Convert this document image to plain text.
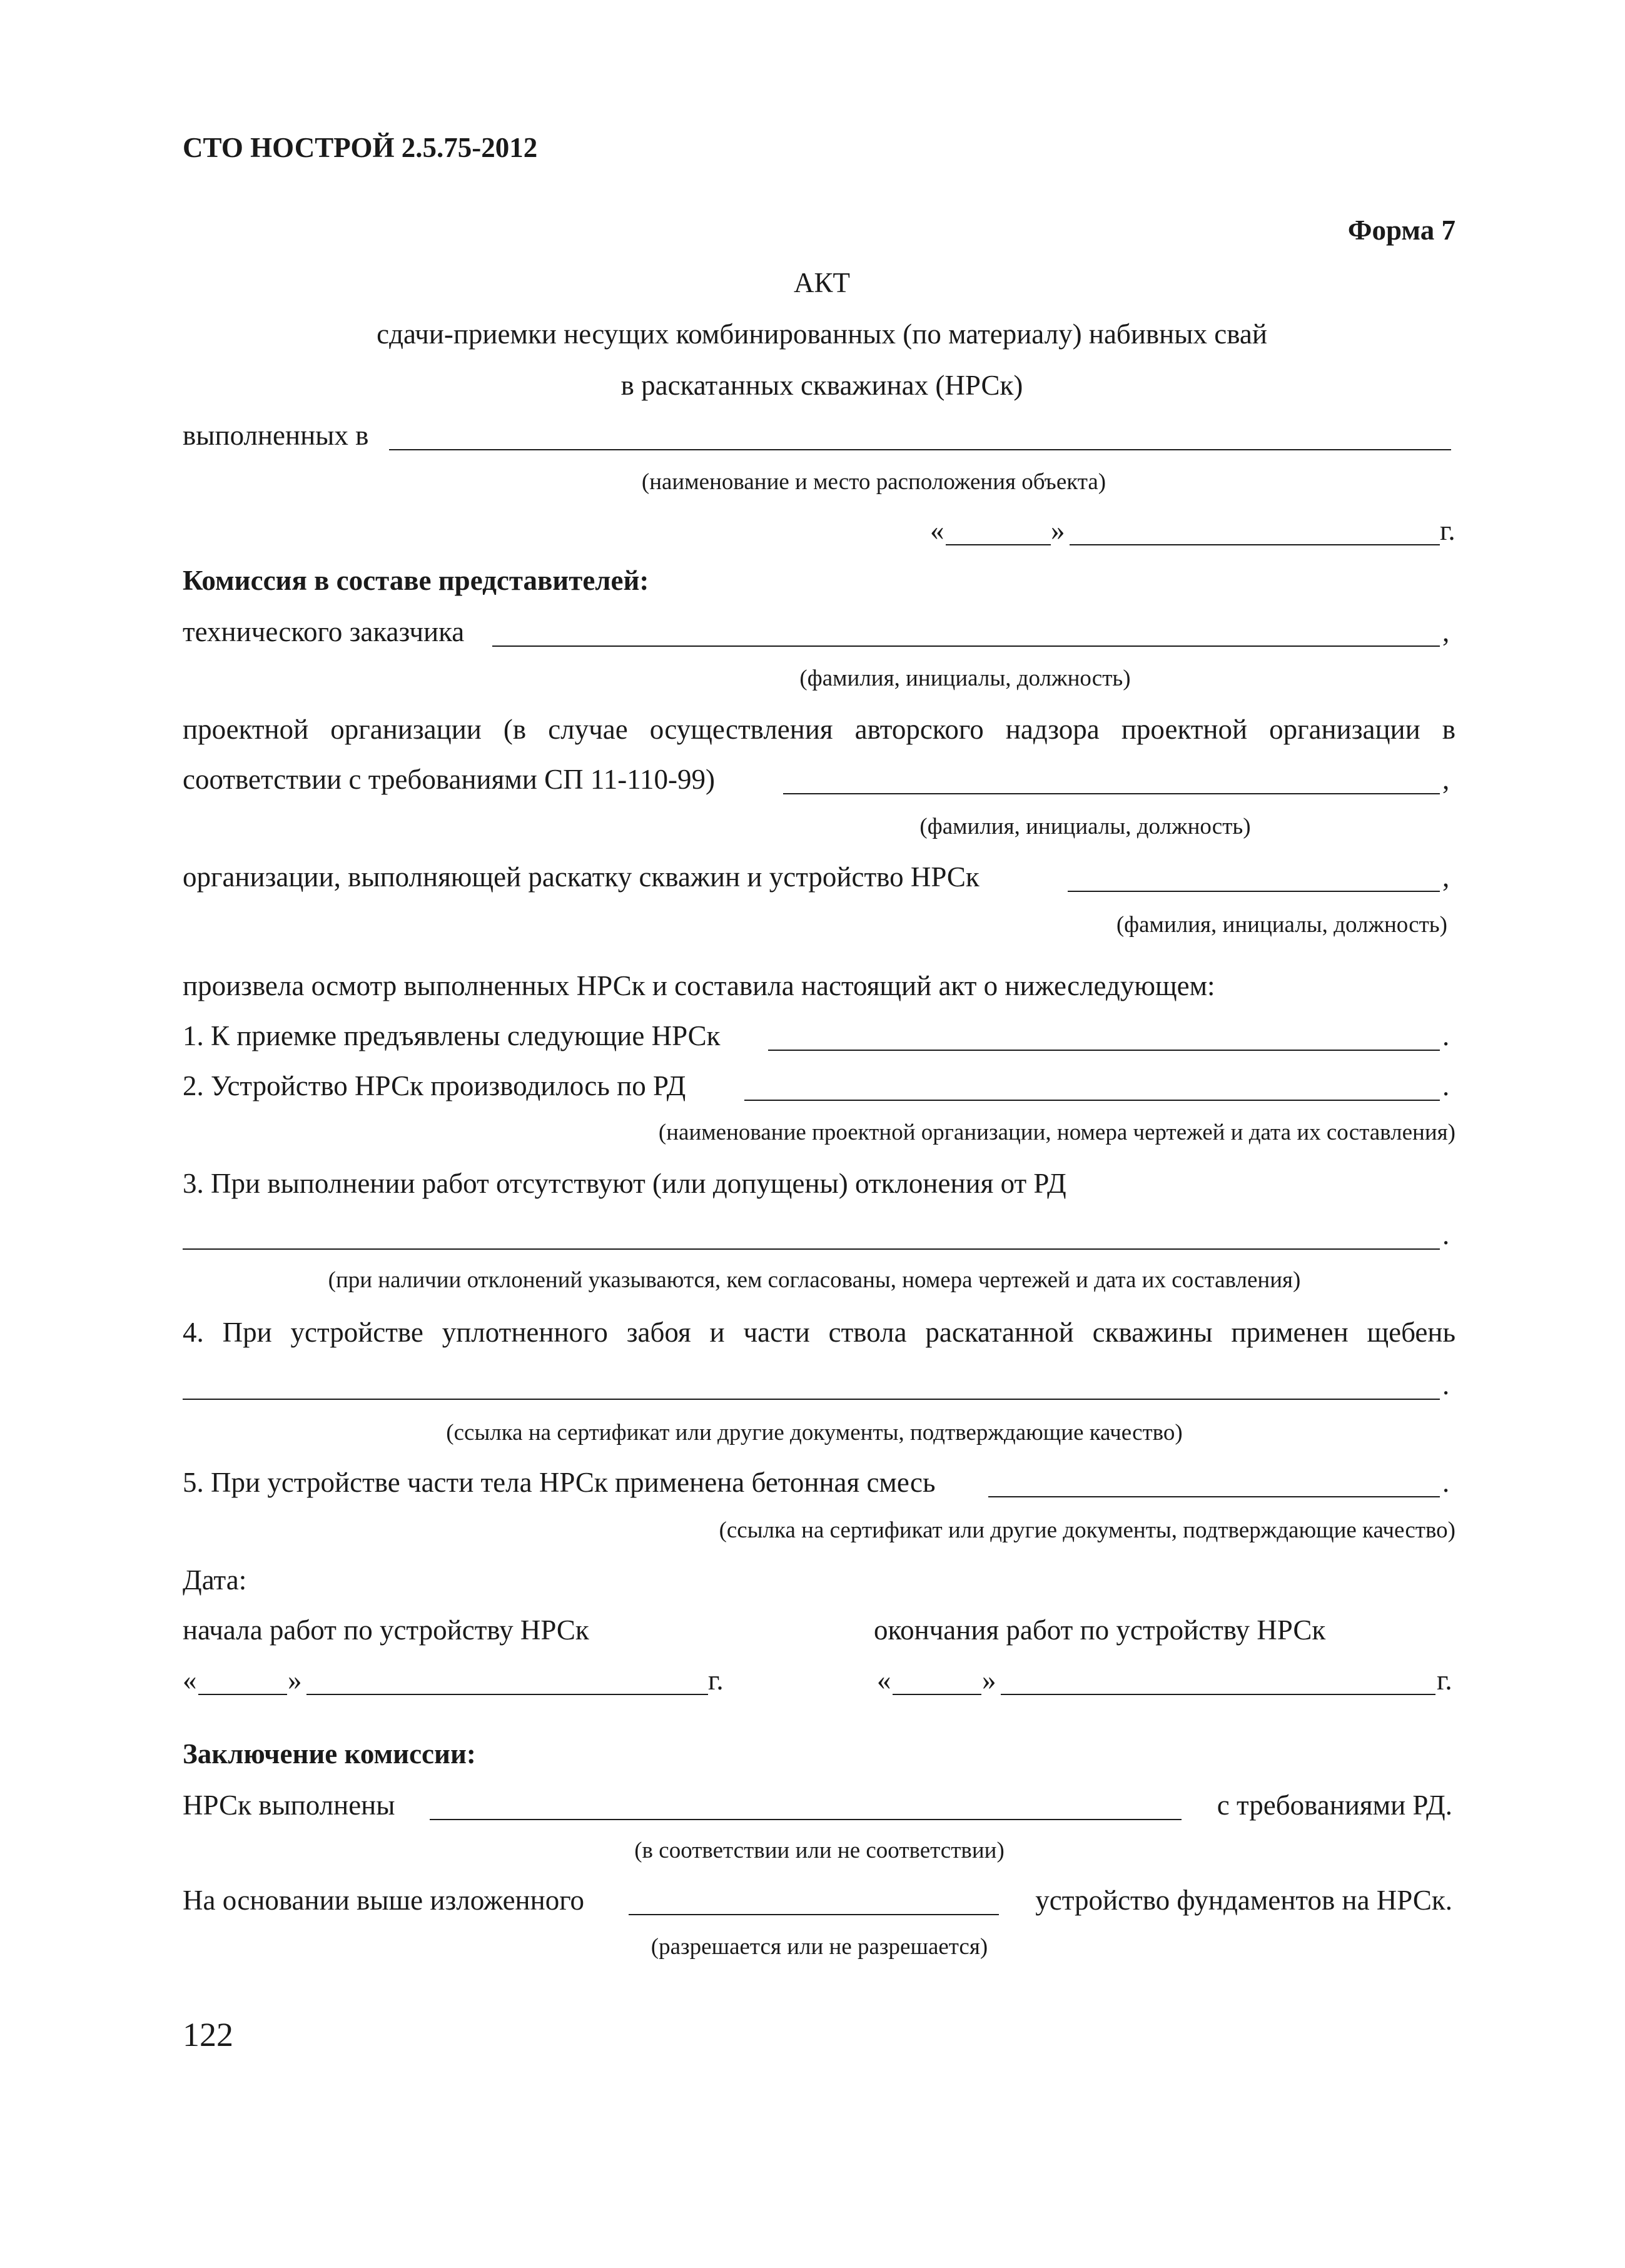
СТО НОСТРОЙ 2.5.75-2012
Форма 7
АКТ
сдачи-приемки несущих комбинированных (по материалу) набивных свай
в раскатанных скважинах (НРСк)
выполненных в
(наименование и место расположения объекта)
«	»	г.
Комиссия в составе представителей:
технического заказчика	,
(фамилия, инициалы, должность)
проектной организации (в случае осуществления авторского надзора проектной организации в
соответствии с требованиями СП 11-110-99)	,
(фамилия, инициалы, должность)
организации, выполняющей раскатку скважин и устройство НРСк	,
(фамилия, инициалы, должность)
произвела осмотр выполненных НРСк и составила настоящий акт о нижеследующем:
1. К приемке предъявлены следующие НРСк	.
2. Устройство НРСк производилось по РД	.
(наименование проектной организации, номера чертежей и дата их составления)
3. При выполнении работ отсутствуют (или допущены) отклонения от РД
.
(при наличии отклонений указываются, кем согласованы, номера чертежей и дата их составления)
4. При устройстве уплотненного забоя и части ствола раскатанной скважины применен щебень
.
(ссылка на сертификат или другие документы, подтверждающие качество)
5. При устройстве части тела НРСк применена бетонная смесь	.
(ссылка на сертификат или другие документы, подтверждающие качество)
Дата:
начала работ по устройству НРСк	окончания работ по устройству НРСк
«	»	г.	«	»	г.
Заключение комиссии:
НРСк выполнены	с требованиями РД.
(в соответствии или не соответствии)
На основании выше изложенного	устройство фундаментов на НРСк.
(разрешается или не разрешается)
122
